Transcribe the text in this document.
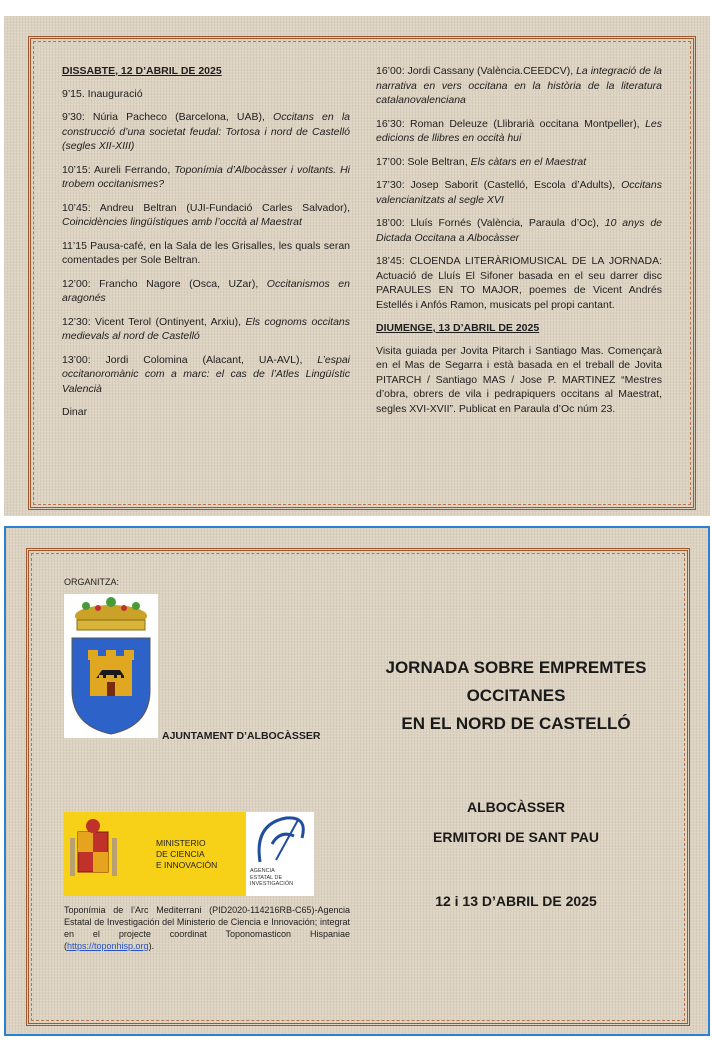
DISSABTE, 12 D’ABRIL DE 2025

9’15. Inauguració

9’30: Núria Pacheco (Barcelona, UAB), Occitans en la construcció d’una societat feudal: Tortosa i nord de Castelló (segles XII-XIII)

10’15: Aureli Ferrando, Toponímia d’Albocàsser i voltants. Hi trobem occitanismes?

10’45: Andreu Beltran (UJI-Fundació Carles Salvador), Coincidències lingüístiques amb l’occità al Maestrat

11’15 Pausa-café, en la Sala de les Grisalles, les quals seran comentades per Sole Beltran.

12’00: Francho Nagore (Osca, UZar), Occitanismos en aragonés

12’30: Vicent Terol (Ontinyent, Arxiu), Els cognoms occitans medievals al nord de Castelló

13’00: Jordi Colomina (Alacant, UA-AVL), L’espai occitanoromànic com a marc: el cas de l’Atles Lingüístic Valencià

Dinar

16’00: Jordi Cassany (València.CEEDCV), La integració de la narrativa en vers occitana en la història de la literatura catalanovalenciana

16’30: Roman Deleuze (Llibrarià occitana Montpeller), Les edicions de llibres en occità hui

17’00: Sole Beltran, Els càtars en el Maestrat

17’30: Josep Saborit (Castelló, Escola d’Adults), Occitans valencianitzats al segle XVI

18’00: Lluís Fornés (València, Paraula d’Oc), 10 anys de Dictada Occitana a Albocàsser

18’45: CLOENDA LITERÀRIOMUSICAL DE LA JORNADA: Actuació de Lluís El Sifoner basada en el seu darrer disc PARAULES EN TO MAJOR, poemes de Vicent Andrés Estellés i Anfós Ramon, musicats pel propi cantant.

DIUMENGE, 13 D’ABRIL DE 2025

Visita guiada per Jovita Pitarch i Santiago Mas. Començarà en el Mas de Segarra i està basada en el treball de Jovita PITARCH / Santiago MAS / Jose P. MARTINEZ “Mestres d’obra, obrers de vila i pedrapiquers occitans al Maestrat, segles XVI-XVII”. Publicat en Paraula d’Oc núm 23.

ORGANITZA:
AJUNTAMENT D’ALBOCÀSSER
MINISTERIO
DE CIENCIA
E INNOVACIÓN
AGENCIA
ESTATAL DE
INVESTIGACIÓN
Toponímia de l’Arc Mediterrani (PID2020-114216RB-C65)-Agencia Estatal de Investigación del Ministerio de Ciencia e Innovación; integrat en el projecte coordinat Toponomasticon Hispaniae (https://toponhisp.org).
JORNADA SOBRE EMPREMTES
OCCITANES
EN EL NORD DE CASTELLÓ
ALBOCÀSSER
ERMITORI DE SANT PAU
12 i 13 D’ABRIL DE 2025
